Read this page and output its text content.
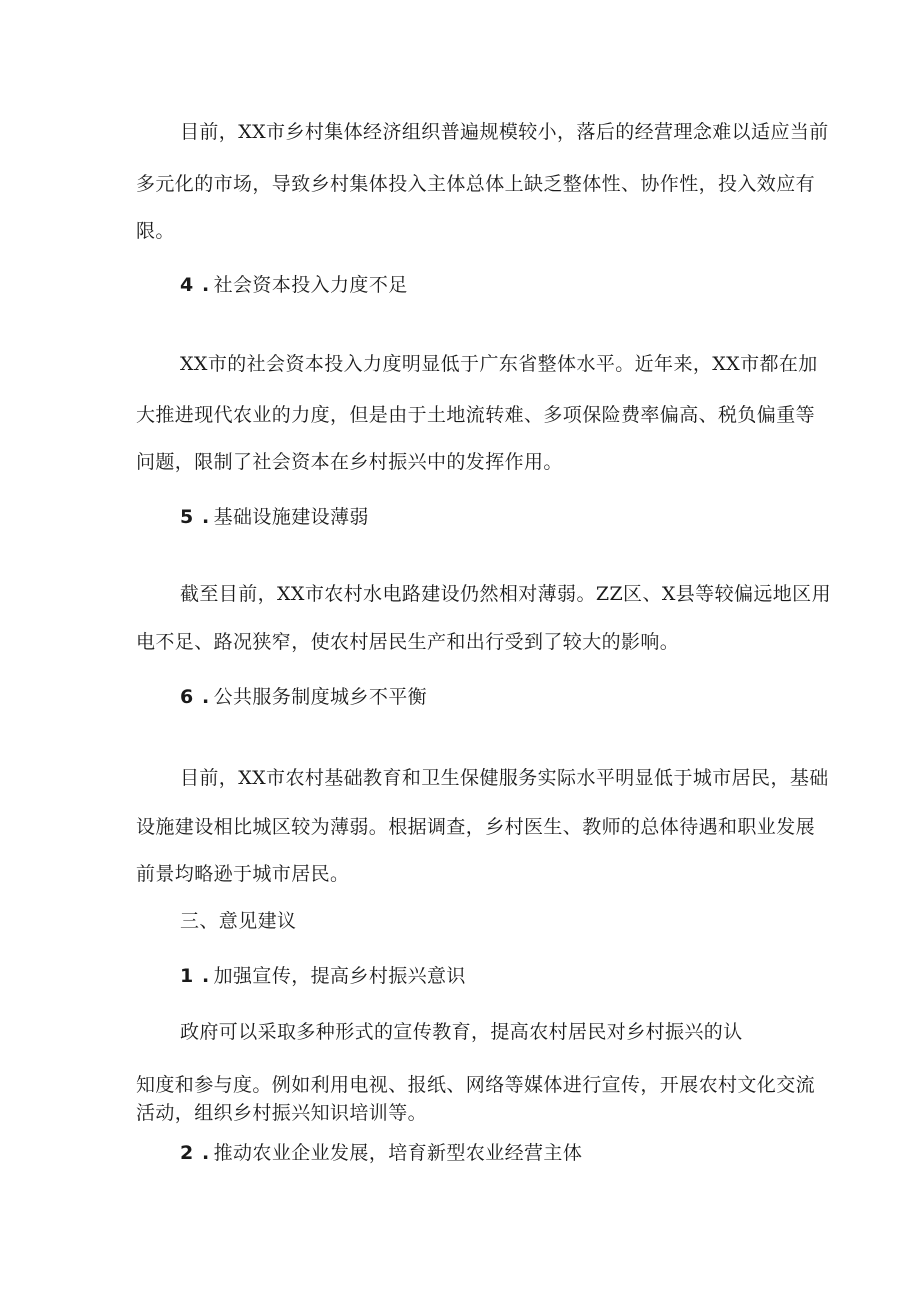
目前，XX市乡村集体经济组织普遍规模较小，落后的经营理念难以适应当前
多元化的市场，导致乡村集体投入主体总体上缺乏整体性、协作性，投入效应有
限。
4 . 社会资本投入力度不足
XX市的社会资本投入力度明显低于广东省整体水平。近年来，XX市都在加
大推进现代农业的力度，但是由于土地流转难、多项保险费率偏高、税负偏重等
问题，限制了社会资本在乡村振兴中的发挥作用。
5 . 基础设施建设薄弱
截至目前，XX市农村水电路建设仍然相对薄弱。ZZ区、X县等较偏远地区用
电不足、路况狭窄，使农村居民生产和出行受到了较大的影响。
6 . 公共服务制度城乡不平衡
目前，XX市农村基础教育和卫生保健服务实际水平明显低于城市居民，基础
设施建设相比城区较为薄弱。根据调查，乡村医生、教师的总体待遇和职业发展
前景均略逊于城市居民。
三、意见建议
1 . 加强宣传，提高乡村振兴意识
政府可以采取多种形式的宣传教育，提高农村居民对乡村振兴的认
知度和参与度。例如利用电视、报纸、网络等媒体进行宣传，开展农村文化交流
活动，组织乡村振兴知识培训等。
2 . 推动农业企业发展，培育新型农业经营主体
